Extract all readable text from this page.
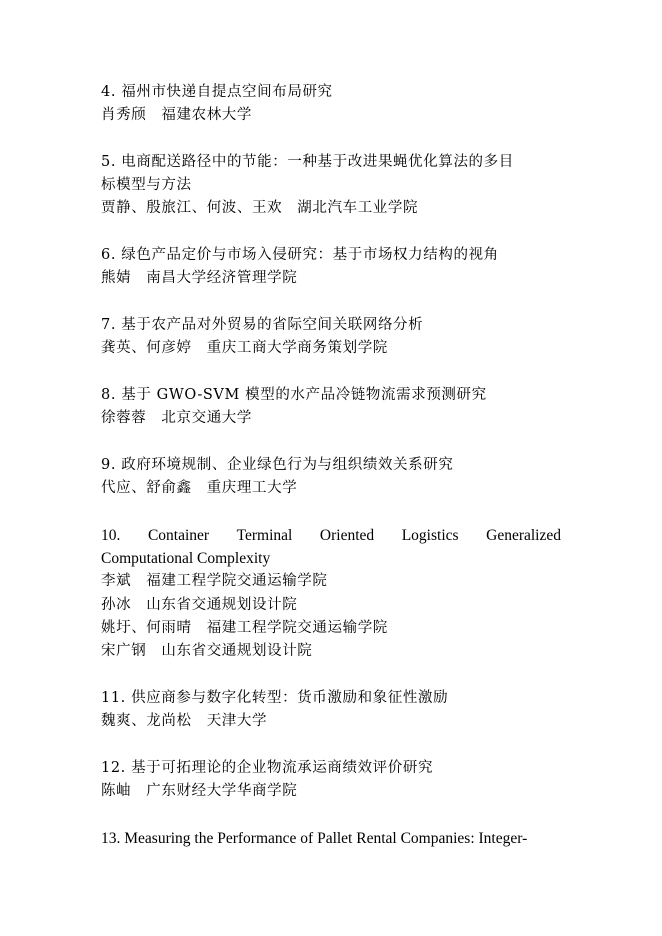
4. 福州市快递自提点空间布局研究
肖秀颀　福建农林大学
5. 电商配送路径中的节能：一种基于改进果蝇优化算法的多目
标模型与方法
贾静、殷旅江、何波、王欢　湖北汽车工业学院
6. 绿色产品定价与市场入侵研究：基于市场权力结构的视角
熊婧　南昌大学经济管理学院
7. 基于农产品对外贸易的省际空间关联网络分析
龚英、何彦婷　重庆工商大学商务策划学院
8. 基于 GWO-SVM 模型的水产品冷链物流需求预测研究
徐蓉蓉　北京交通大学
9. 政府环境规制、企业绿色行为与组织绩效关系研究
代应、舒俞鑫　重庆理工大学
10. Container Terminal Oriented Logistics Generalized
Computational Complexity
李斌　福建工程学院交通运输学院
孙冰　山东省交通规划设计院
姚圩、何雨晴　福建工程学院交通运输学院
宋广钢　山东省交通规划设计院
11. 供应商参与数字化转型：货币激励和象征性激励
魏爽、龙尚松　天津大学
12. 基于可拓理论的企业物流承运商绩效评价研究
陈岫　广东财经大学华商学院
13. Measuring the Performance of Pallet Rental Companies: Integer-
